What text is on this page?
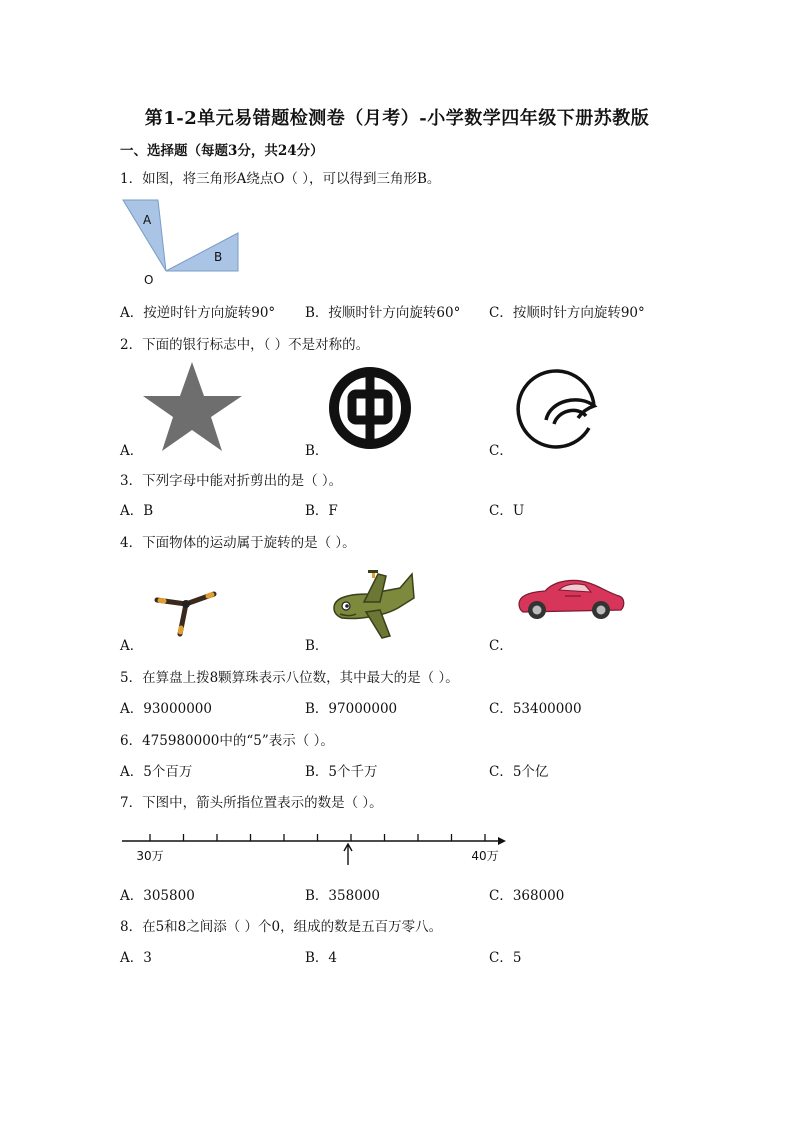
第1-2单元易错题检测卷（月考）-小学数学四年级下册苏教版
一、选择题（每题3分，共24分）
1．如图，将三角形A绕点O（ ），可以得到三角形B。
A
B
O
A．按逆时针方向旋转90° B．按顺时针方向旋转60° C．按顺时针方向旋转90°
2．下面的银行标志中，（ ）不是对称的。
A．	B．	C．
3．下列字母中能对折剪出的是（ ）。
A．B	B．F	C．U
4．下面物体的运动属于旋转的是（ ）。
A．	B．	C．
5．在算盘上拨8颗算珠表示八位数，其中最大的是（ ）。
A．93000000	B．97000000	C．53400000
6．475980000中的“5”表示（ ）。
A．5个百万	B．5个千万	C．5个亿
7．下图中，箭头所指位置表示的数是（ ）。
30万	40万
A．305800	B．358000	C．368000
8．在5和8之间添（ ）个0，组成的数是五百万零八。
A．3	B．4	C．5
